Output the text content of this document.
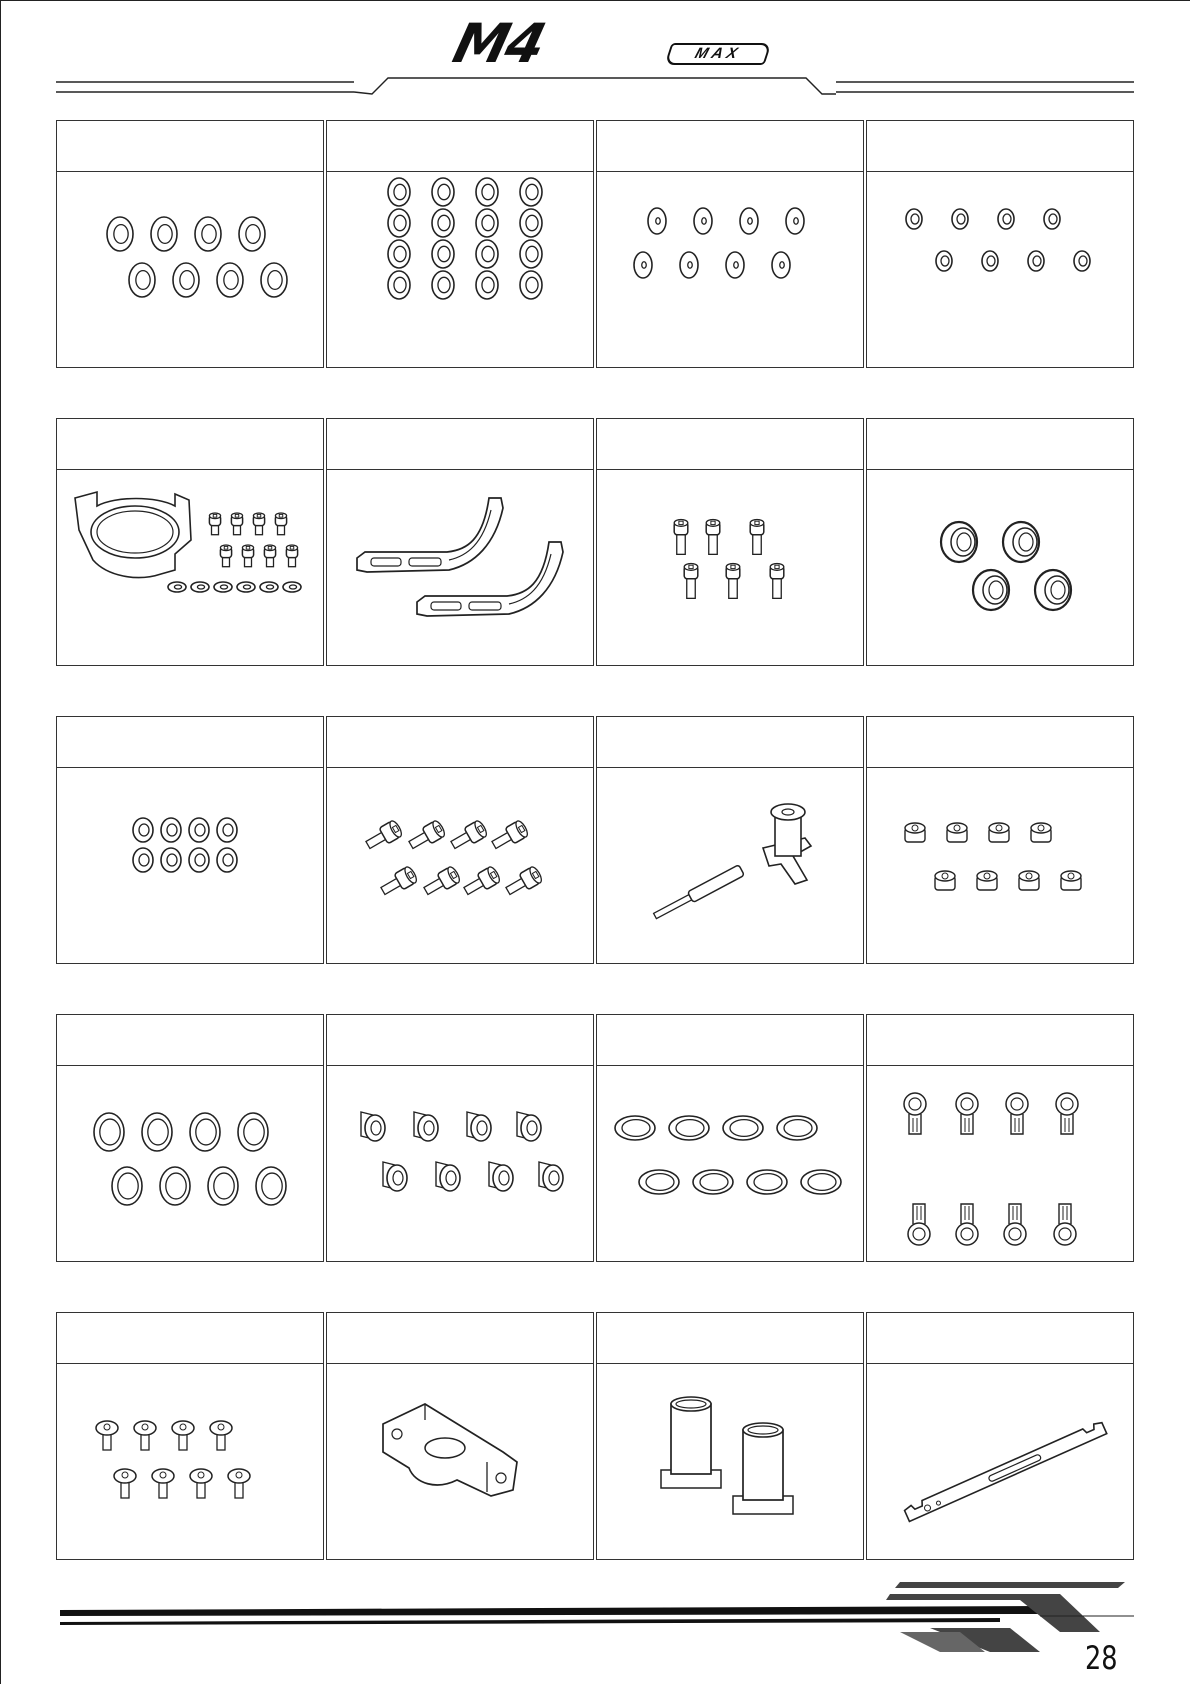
M4	MAX
28
